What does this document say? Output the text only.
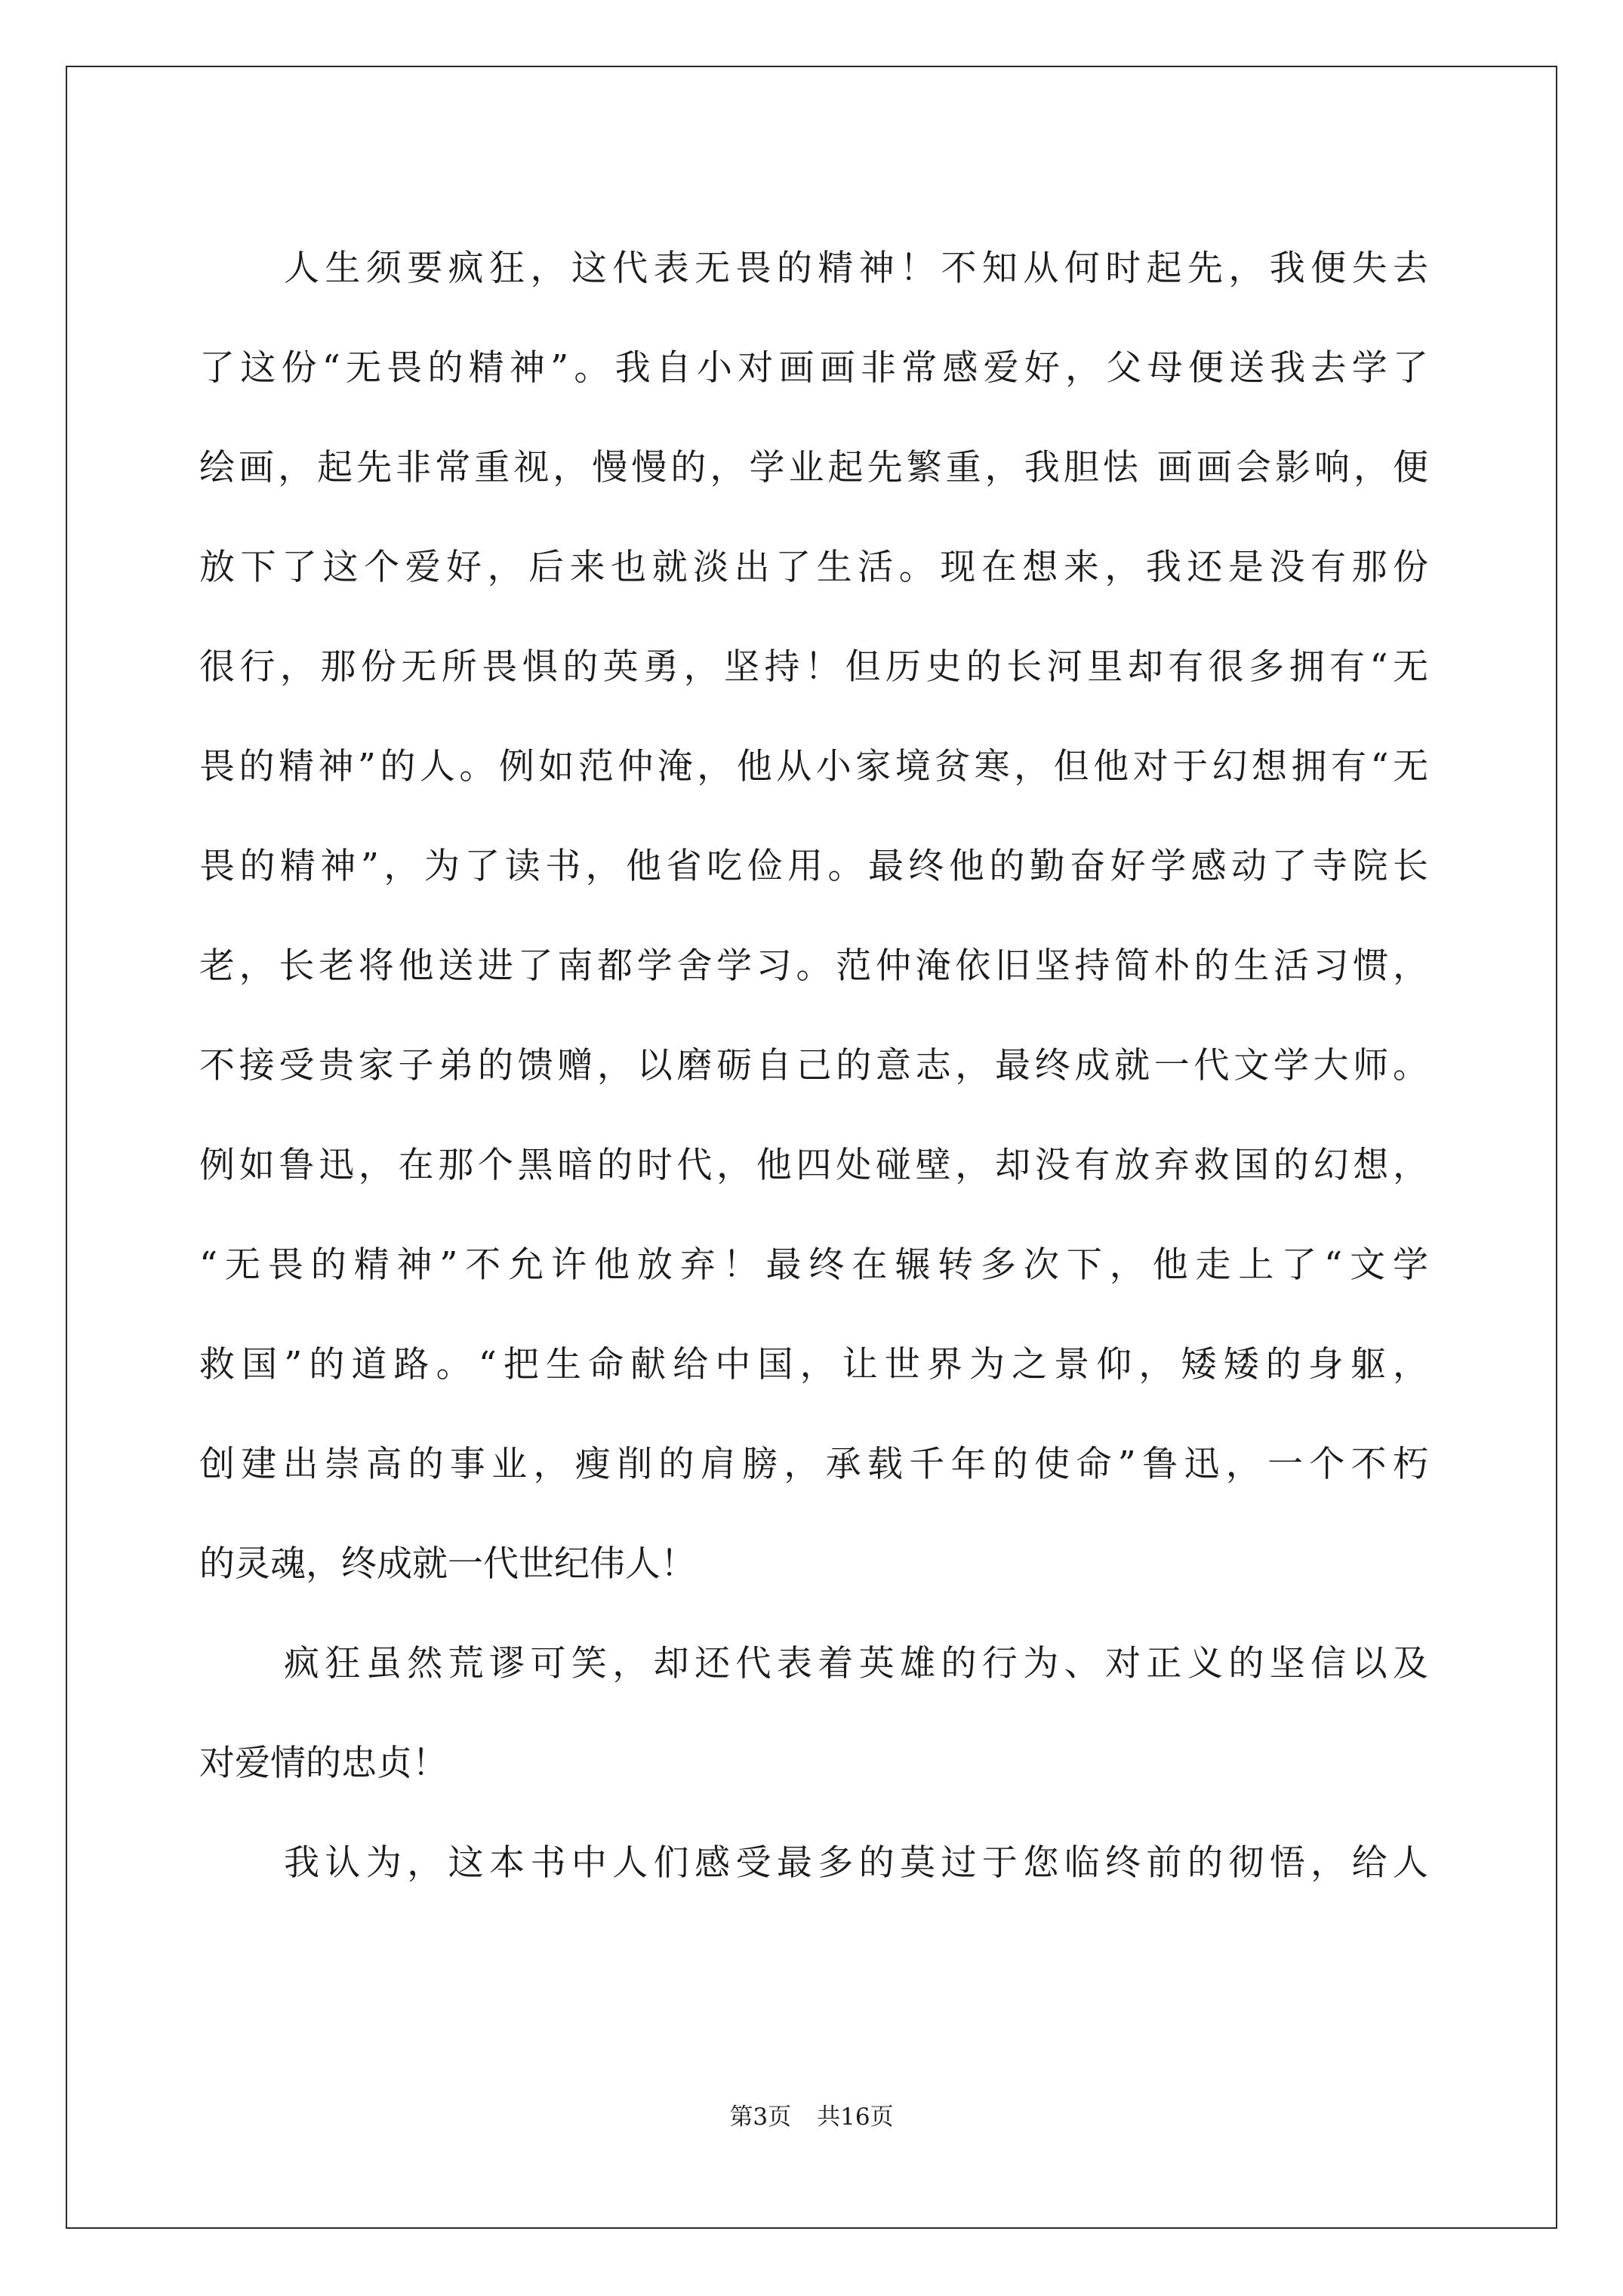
人生须要疯狂，这代表无畏的精神！不知从何时起先，我便失去
了这份“无畏的精神”。我自小对画画非常感爱好，父母便送我去学了
绘画，起先非常重视，慢慢的，学业起先繁重，我胆怯 画画会影响，便
放下了这个爱好，后来也就淡出了生活。现在想来，我还是没有那份
很行，那份无所畏惧的英勇，坚持！但历史的长河里却有很多拥有“无
畏的精神”的人。例如范仲淹，他从小家境贫寒，但他对于幻想拥有“无
畏的精神”，为了读书，他省吃俭用。最终他的勤奋好学感动了寺院长
老，长老将他送进了南都学舍学习。范仲淹依旧坚持简朴的生活习惯，
不接受贵家子弟的馈赠，以磨砺自己的意志，最终成就一代文学大师。
例如鲁迅，在那个黑暗的时代，他四处碰壁，却没有放弃救国的幻想，
“无畏的精神”不允许他放弃！最终在辗转多次下，他走上了“文学
救国”的道路。“把生命献给中国，让世界为之景仰，矮矮的身躯，
创建出崇高的事业，瘦削的肩膀，承载千年的使命”鲁迅，一个不朽
的灵魂，终成就一代世纪伟人！
疯狂虽然荒谬可笑，却还代表着英雄的行为、对正义的坚信以及
对爱情的忠贞！
我认为，这本书中人们感受最多的莫过于您临终前的彻悟，给人
第3页 共16页
